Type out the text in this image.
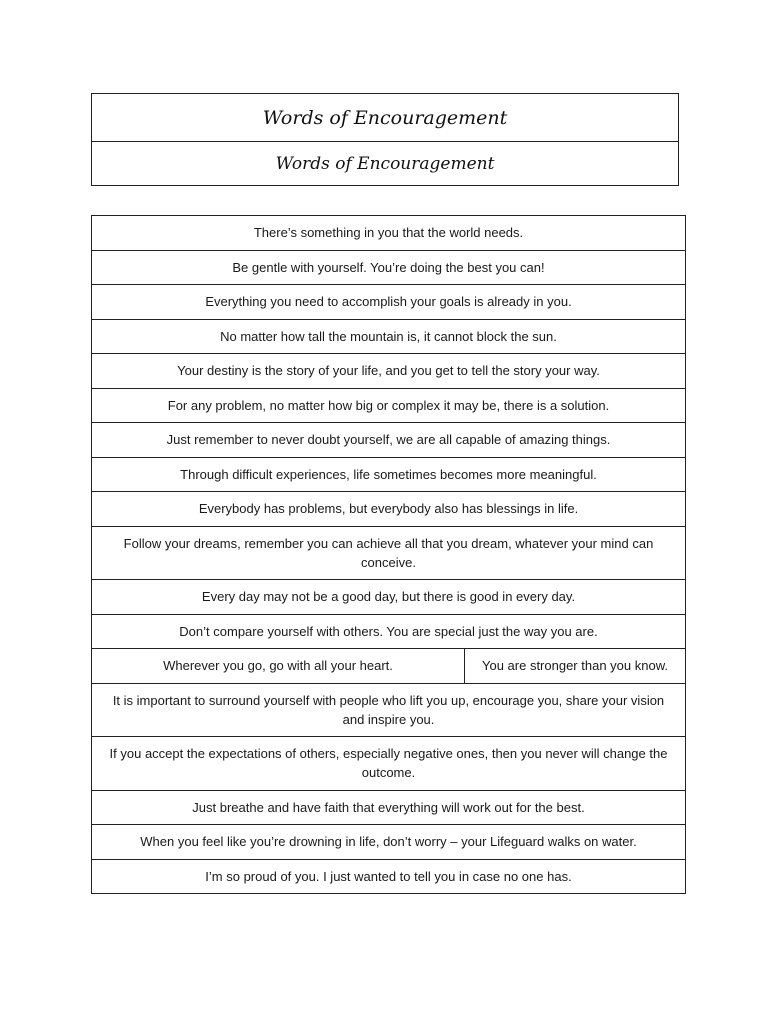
Words of Encouragement
Words of Encouragement
There’s something in you that the world needs.
Be gentle with yourself. You’re doing the best you can!
Everything you need to accomplish your goals is already in you.
No matter how tall the mountain is, it cannot block the sun.
Your destiny is the story of your life, and you get to tell the story your way.
For any problem, no matter how big or complex it may be, there is a solution.
Just remember to never doubt yourself, we are all capable of amazing things.
Through difficult experiences, life sometimes becomes more meaningful.
Everybody has problems, but everybody also has blessings in life.
Follow your dreams, remember you can achieve all that you dream, whatever your mind can conceive.
Every day may not be a good day, but there is good in every day.
Don’t compare yourself with others. You are special just the way you are.
Wherever you go, go with all your heart.	You are stronger than you know.
It is important to surround yourself with people who lift you up, encourage you, share your vision and inspire you.
If you accept the expectations of others, especially negative ones, then you never will change the outcome.
Just breathe and have faith that everything will work out for the best.
When you feel like you’re drowning in life, don’t worry – your Lifeguard walks on water.
I’m so proud of you. I just wanted to tell you in case no one has.
